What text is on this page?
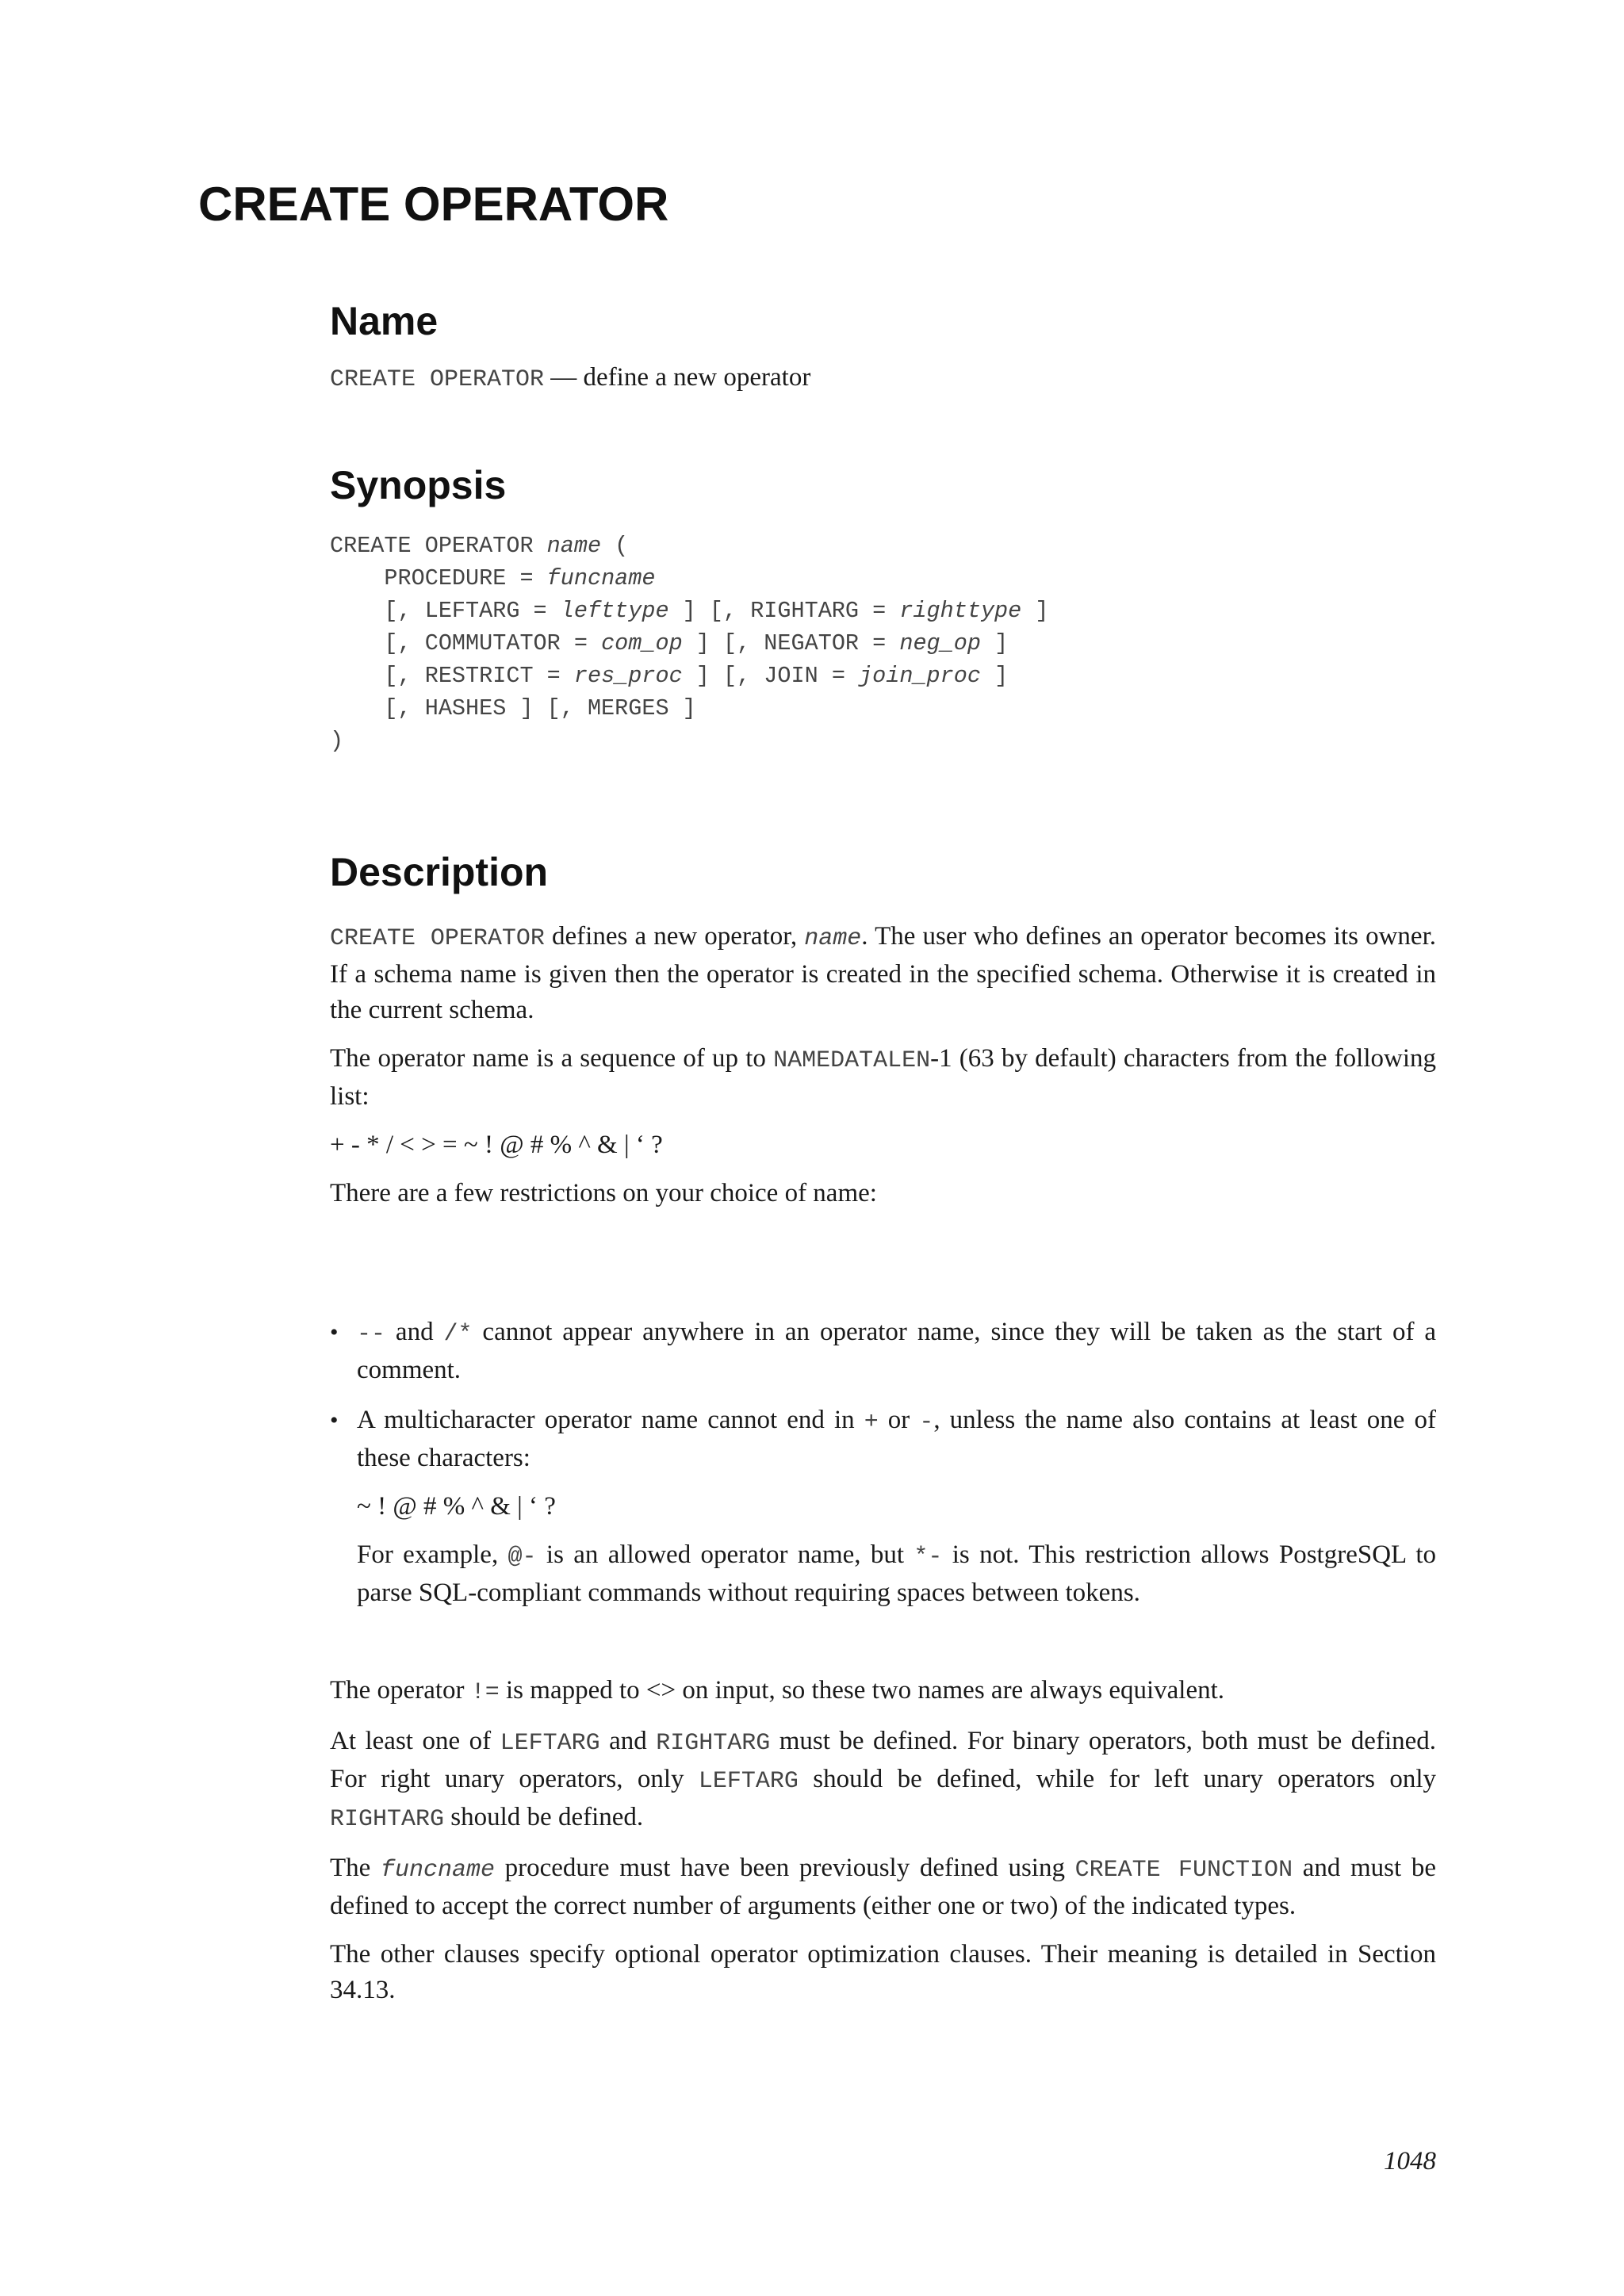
CREATE OPERATOR
Name

CREATE OPERATOR — define a new operator

Synopsis
CREATE OPERATOR name (
PROCEDURE = funcname
[, LEFTARG = lefttype ] [, RIGHTARG = righttype ]
[, COMMUTATOR = com_op ] [, NEGATOR = neg_op ]
[, RESTRICT = res_proc ] [, JOIN = join_proc ]
[, HASHES ] [, MERGES ]
)
Description

CREATE OPERATOR defines a new operator, name. The user who defines an operator becomes its owner. If a schema name is given then the operator is created in the specified schema. Otherwise it is created in the current schema.

The operator name is a sequence of up to NAMEDATALEN-1 (63 by default) characters from the following list:

+ - * / < > = ~ ! @ # % ^ & | ‘ ?

There are a few restrictions on your choice of name:

• -- and /* cannot appear anywhere in an operator name, since they will be taken as the start of a comment.

• A multicharacter operator name cannot end in + or -, unless the name also contains at least one of these characters:

~ ! @ # % ^ & | ‘ ?

For example, @- is an allowed operator name, but *- is not. This restriction allows PostgreSQL to parse SQL-compliant commands without requiring spaces between tokens.

The operator != is mapped to <> on input, so these two names are always equivalent.

At least one of LEFTARG and RIGHTARG must be defined. For binary operators, both must be defined. For right unary operators, only LEFTARG should be defined, while for left unary operators only RIGHTARG should be defined.

The funcname procedure must have been previously defined using CREATE FUNCTION and must be defined to accept the correct number of arguments (either one or two) of the indicated types.

The other clauses specify optional operator optimization clauses. Their meaning is detailed in Section 34.13.

1048
